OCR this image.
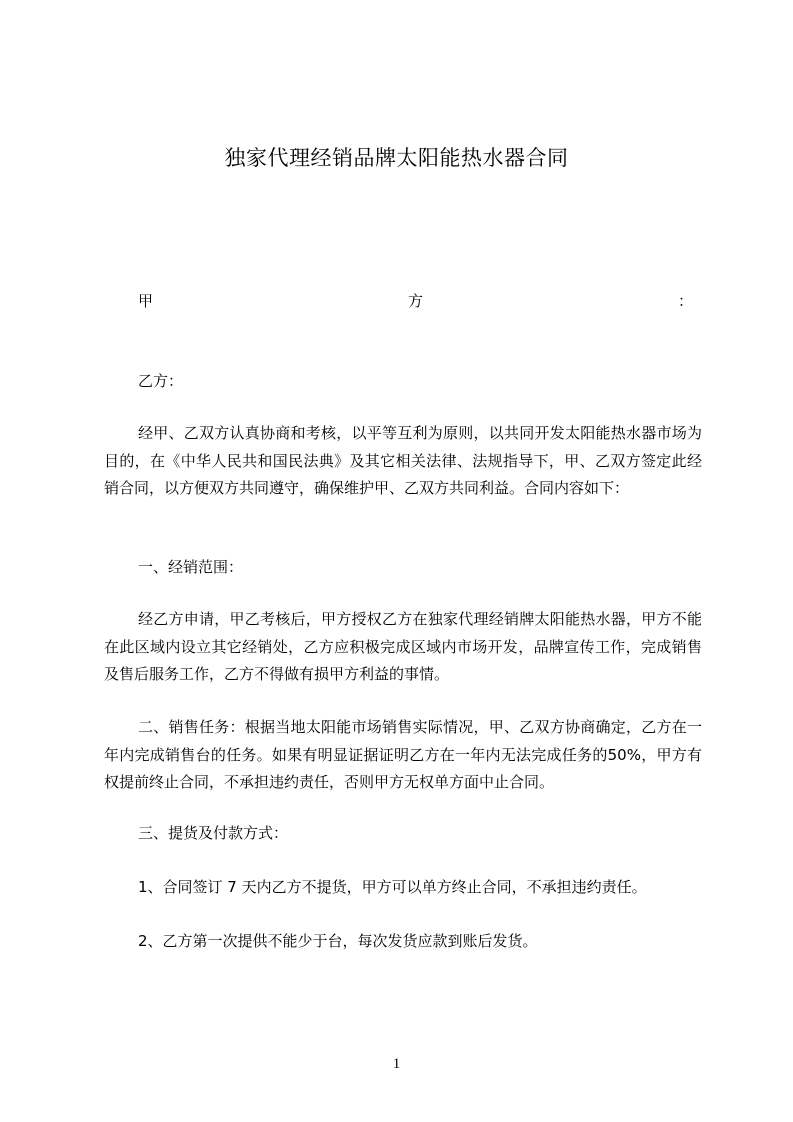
独家代理经销品牌太阳能热水器合同
甲	方	：
乙方：
经甲、乙双方认真协商和考核，以平等互利为原则，以共同开发太阳能热水器市场为目的，在《中华人民共和国民法典》及其它相关法律、法规指导下，甲、乙双方签定此经销合同，以方便双方共同遵守，确保维护甲、乙双方共同利益。合同内容如下：
一、经销范围：
经乙方申请，甲乙考核后，甲方授权乙方在独家代理经销牌太阳能热水器，甲方不能在此区域内设立其它经销处，乙方应积极完成区域内市场开发，品牌宣传工作，完成销售及售后服务工作，乙方不得做有损甲方利益的事情。
二、销售任务：根据当地太阳能市场销售实际情况，甲、乙双方协商确定，乙方在一年内完成销售台的任务。如果有明显证据证明乙方在一年内无法完成任务的50%，甲方有权提前终止合同，不承担违约责任，否则甲方无权单方面中止合同。
三、提货及付款方式：
1、合同签订 7 天内乙方不提货，甲方可以单方终止合同，不承担违约责任。
2、乙方第一次提供不能少于台，每次发货应款到账后发货。
1
